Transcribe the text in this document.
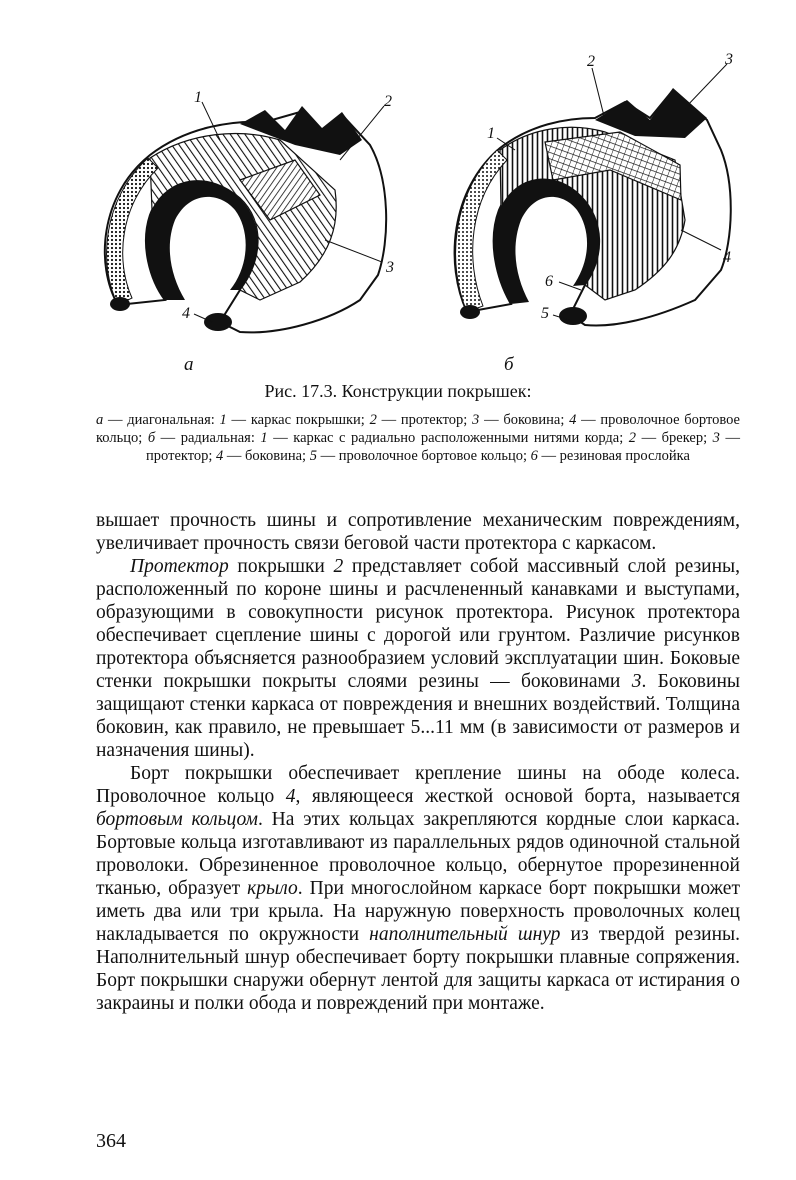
1	2
3
4
1
2	3
4
5
6
а	б

Рис. 17.3. Конструкции покрышек:

а — диагональная: 1 — каркас покрышки; 2 — протектор; 3 — боковина; 4 — проволочное бортовое кольцо; б — радиальная: 1 — каркас с радиально расположенными нитями корда; 2 — брекер; 3 — протектор; 4 — боковина; 5 — проволочное бортовое кольцо; 6 — резиновая прослойка

вышает прочность шины и сопротивление механическим повреждениям, увеличивает прочность связи беговой части протектора с каркасом.

Протектор покрышки 2 представляет собой массивный слой резины, расположенный по короне шины и расчлененный канавками и выступами, образующими в совокупности рисунок протектора. Рисунок протектора обеспечивает сцепление шины с дорогой или грунтом. Различие рисунков протектора объясняется разнообразием условий эксплуатации шин. Боковые стенки покрышки покрыты слоями резины — боковинами 3. Боковины защищают стенки каркаса от повреждения и внешних воздействий. Толщина боковин, как правило, не превышает 5...11 мм (в зависимости от размеров и назначения шины).

Борт покрышки обеспечивает крепление шины на ободе колеса. Проволочное кольцо 4, являющееся жесткой основой борта, называется бортовым кольцом. На этих кольцах закрепляются кордные слои каркаса. Бортовые кольца изготавливают из параллельных рядов одиночной стальной проволоки. Обрезиненное проволочное кольцо, обернутое прорезиненной тканью, образует крыло. При многослойном каркасе борт покрышки может иметь два или три крыла. На наружную поверхность проволочных колец накладывается по окружности наполнительный шнур из твердой резины. Наполнительный шнур обеспечивает борту покрышки плавные сопряжения. Борт покрышки снаружи обернут лентой для защиты каркаса от истирания о закраины и полки обода и повреждений при монтаже.

364
